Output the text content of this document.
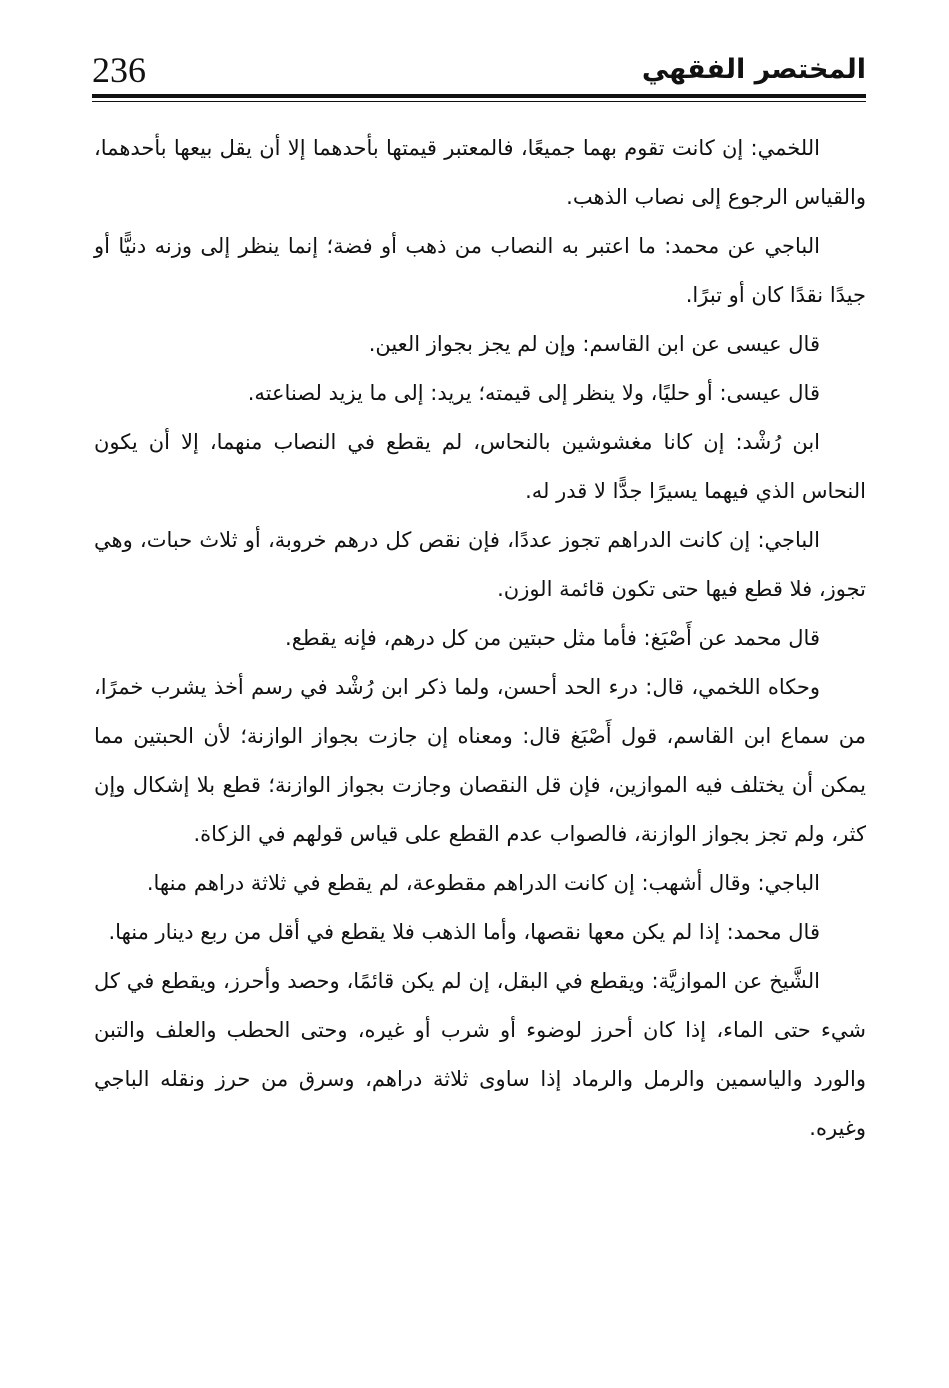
236	المختصر الفقهي

اللخمي: إن كانت تقوم بهما جميعًا، فالمعتبر قيمتها بأحدهما إلا أن يقل بيعها بأحدهما، والقياس الرجوع إلى نصاب الذهب.

الباجي عن محمد: ما اعتبر به النصاب من ذهب أو فضة؛ إنما ينظر إلى وزنه دنيًّا أو جيدًا نقدًا كان أو تبرًا.

قال عيسى عن ابن القاسم: وإن لم يجز بجواز العين.

قال عيسى: أو حليًا، ولا ينظر إلى قيمته؛ يريد: إلى ما يزيد لصناعته.

ابن رُشْد: إن كانا مغشوشين بالنحاس، لم يقطع في النصاب منهما، إلا أن يكون النحاس الذي فيهما يسيرًا جدًّا لا قدر له.

الباجي: إن كانت الدراهم تجوز عددًا، فإن نقص كل درهم خروبة، أو ثلاث حبات، وهي تجوز، فلا قطع فيها حتى تكون قائمة الوزن.

قال محمد عن أَصْبَغ: فأما مثل حبتين من كل درهم، فإنه يقطع.

وحكاه اللخمي، قال: درء الحد أحسن، ولما ذكر ابن رُشْد في رسم أخذ يشرب خمرًا، من سماع ابن القاسم، قول أَصْبَغ قال: ومعناه إن جازت بجواز الوازنة؛ لأن الحبتين مما يمكن أن يختلف فيه الموازين، فإن قل النقصان وجازت بجواز الوازنة؛ قطع بلا إشكال وإن كثر، ولم تجز بجواز الوازنة، فالصواب عدم القطع على قياس قولهم في الزكاة.

الباجي: وقال أشهب: إن كانت الدراهم مقطوعة، لم يقطع في ثلاثة دراهم منها.

قال محمد: إذا لم يكن معها نقصها، وأما الذهب فلا يقطع في أقل من ربع دينار منها.

الشَّيخ عن الموازيَّة: ويقطع في البقل، إن لم يكن قائمًا، وحصد وأحرز، ويقطع في كل شيء حتى الماء، إذا كان أحرز لوضوء أو شرب أو غيره، وحتى الحطب والعلف والتبن والورد والياسمين والرمل والرماد إذا ساوى ثلاثة دراهم، وسرق من حرز ونقله الباجي وغيره.
